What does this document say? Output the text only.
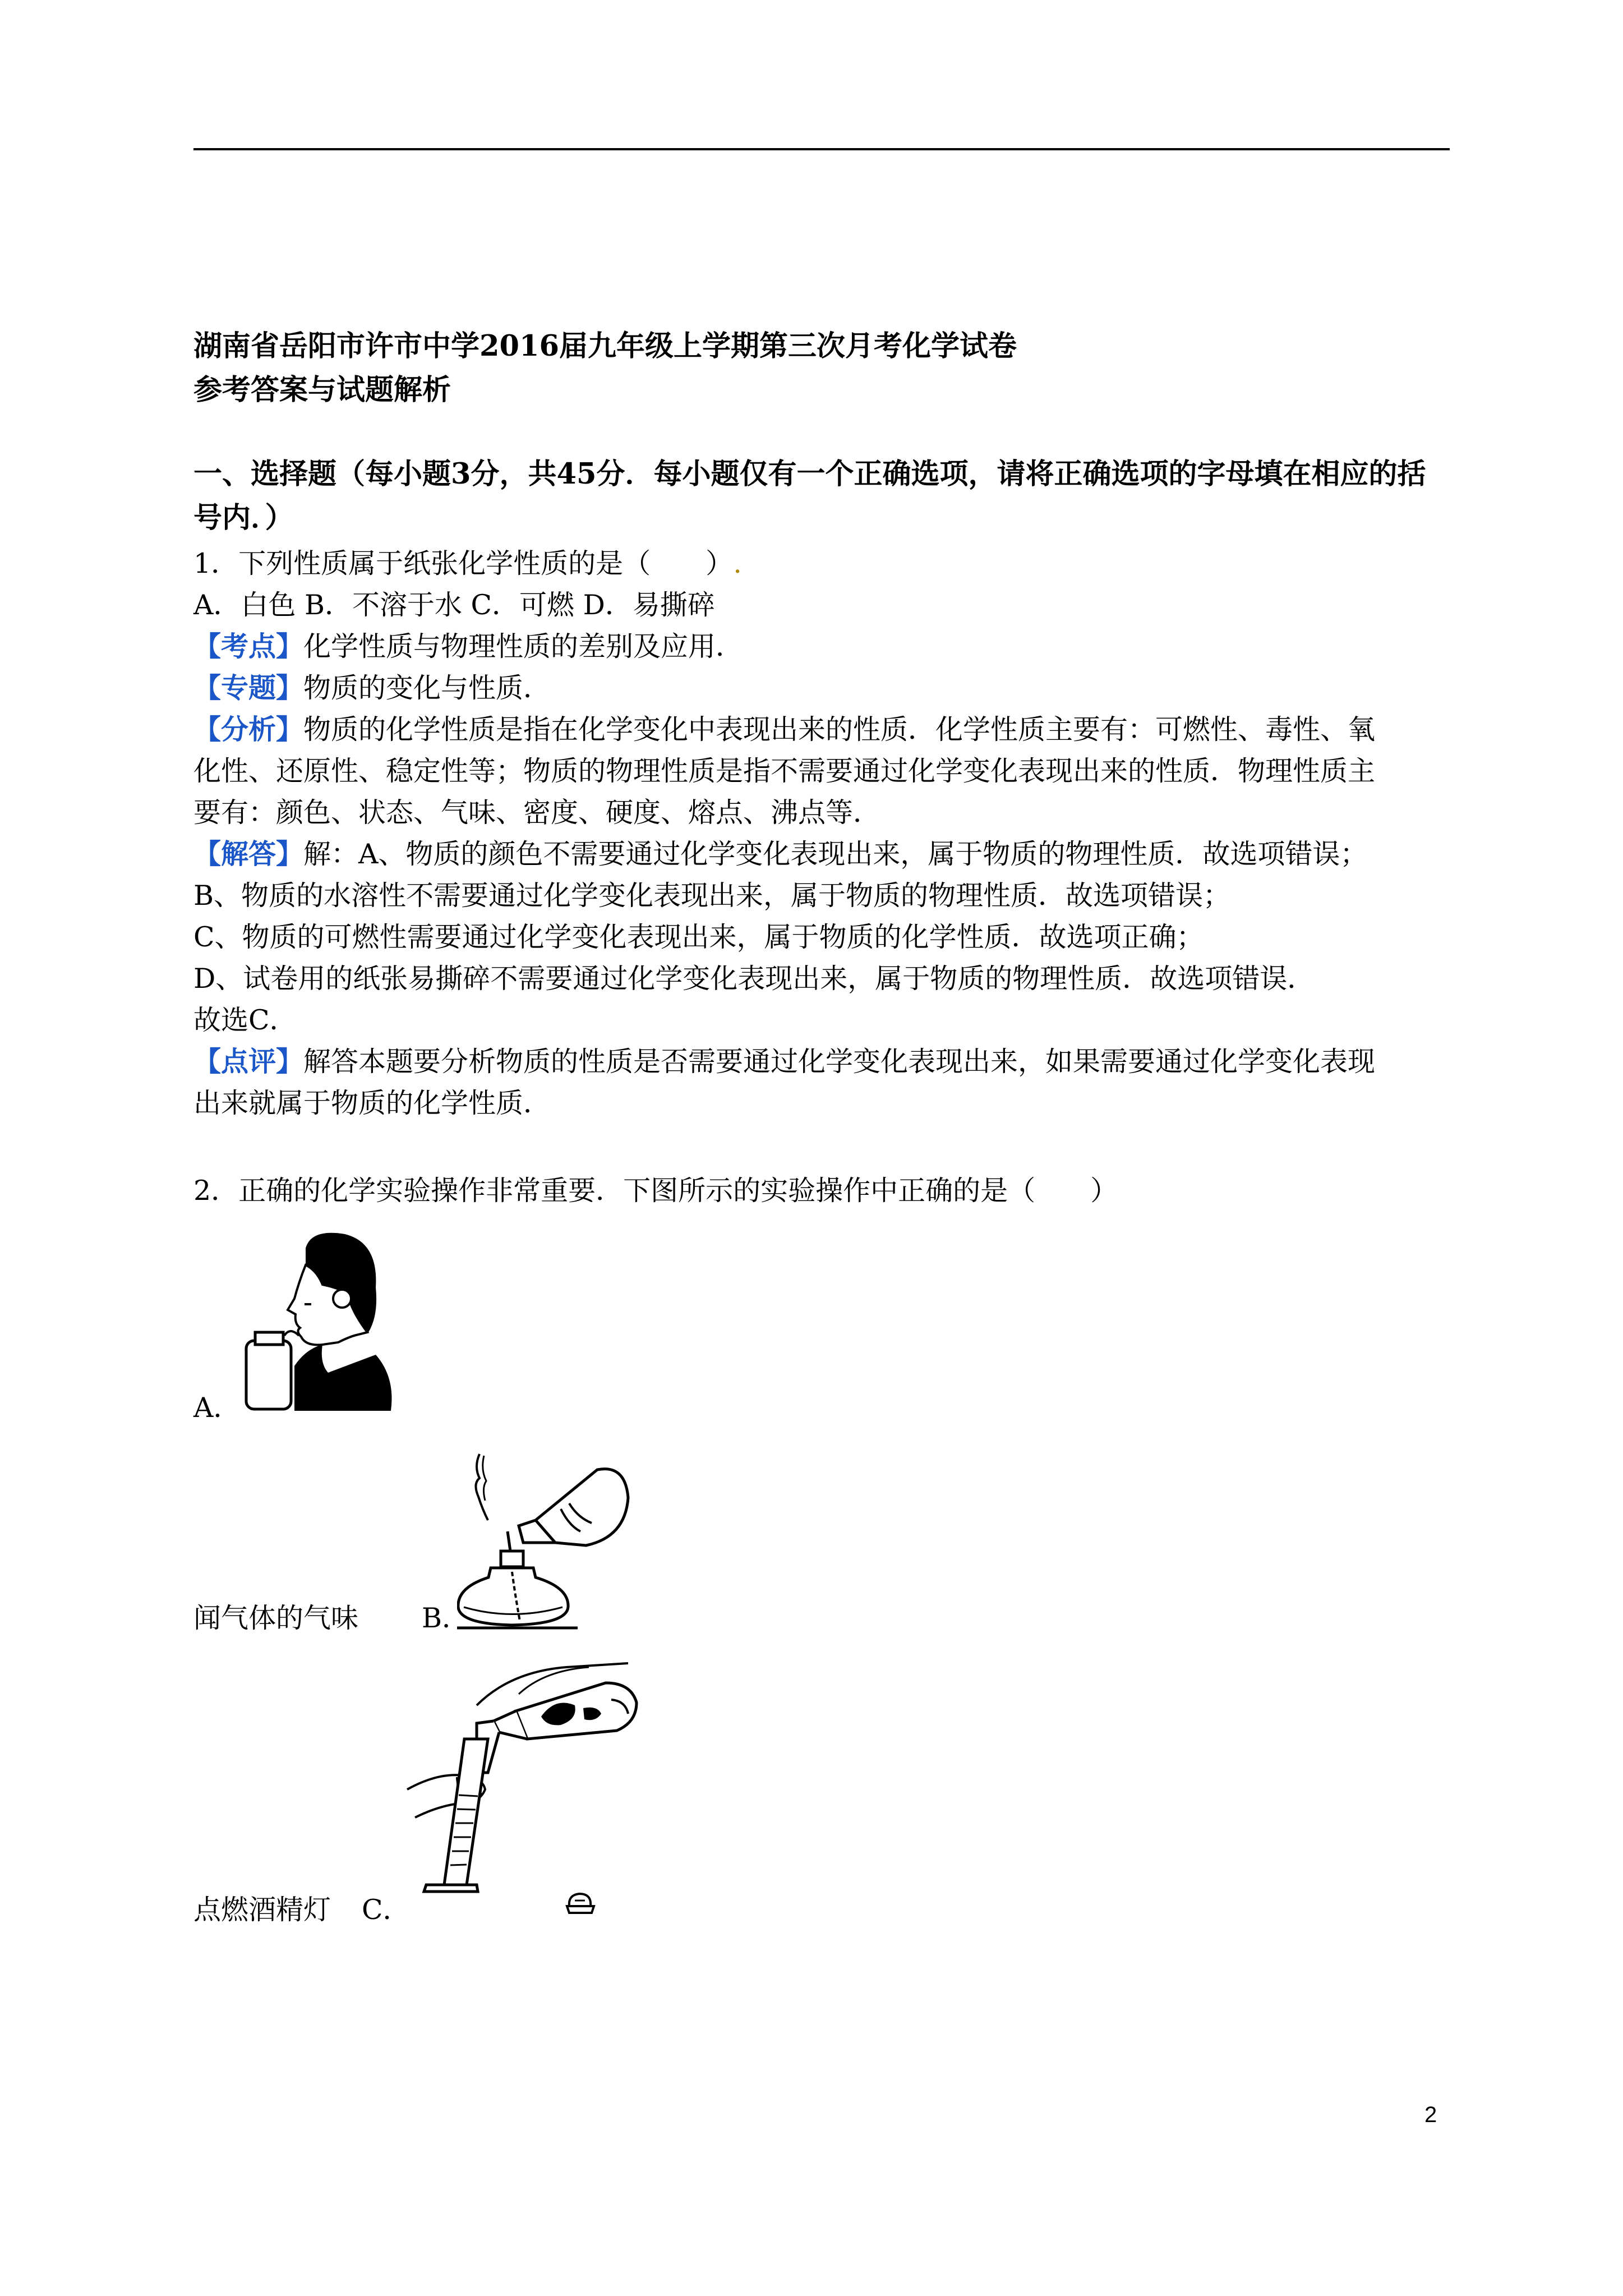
湖南省岳阳市许市中学2016届九年级上学期第三次月考化学试卷
参考答案与试题解析
一、选择题（每小题3分，共45分．每小题仅有一个正确选项，请将正确选项的字母填在相应的括
号内．）
1．下列性质属于纸张化学性质的是（　　）.
A．白色 B．不溶于水 C．可燃 D．易撕碎
【考点】化学性质与物理性质的差别及应用．
【专题】物质的变化与性质．
【分析】物质的化学性质是指在化学变化中表现出来的性质．化学性质主要有：可燃性、毒性、氧
化性、还原性、稳定性等；物质的物理性质是指不需要通过化学变化表现出来的性质．物理性质主
要有：颜色、状态、气味、密度、硬度、熔点、沸点等．
【解答】解：A、物质的颜色不需要通过化学变化表现出来，属于物质的物理性质．故选项错误；
B、物质的水溶性不需要通过化学变化表现出来，属于物质的物理性质．故选项错误；
C、物质的可燃性需要通过化学变化表现出来，属于物质的化学性质．故选项正确；
D、试卷用的纸张易撕碎不需要通过化学变化表现出来，属于物质的物理性质．故选项错误．
故选C．
【点评】解答本题要分析物质的性质是否需要通过化学变化表现出来，如果需要通过化学变化表现
出来就属于物质的化学性质．
2．正确的化学实验操作非常重要．下图所示的实验操作中正确的是（　　）
A．
闻气体的气味 B．
点燃酒精灯 C．
2
